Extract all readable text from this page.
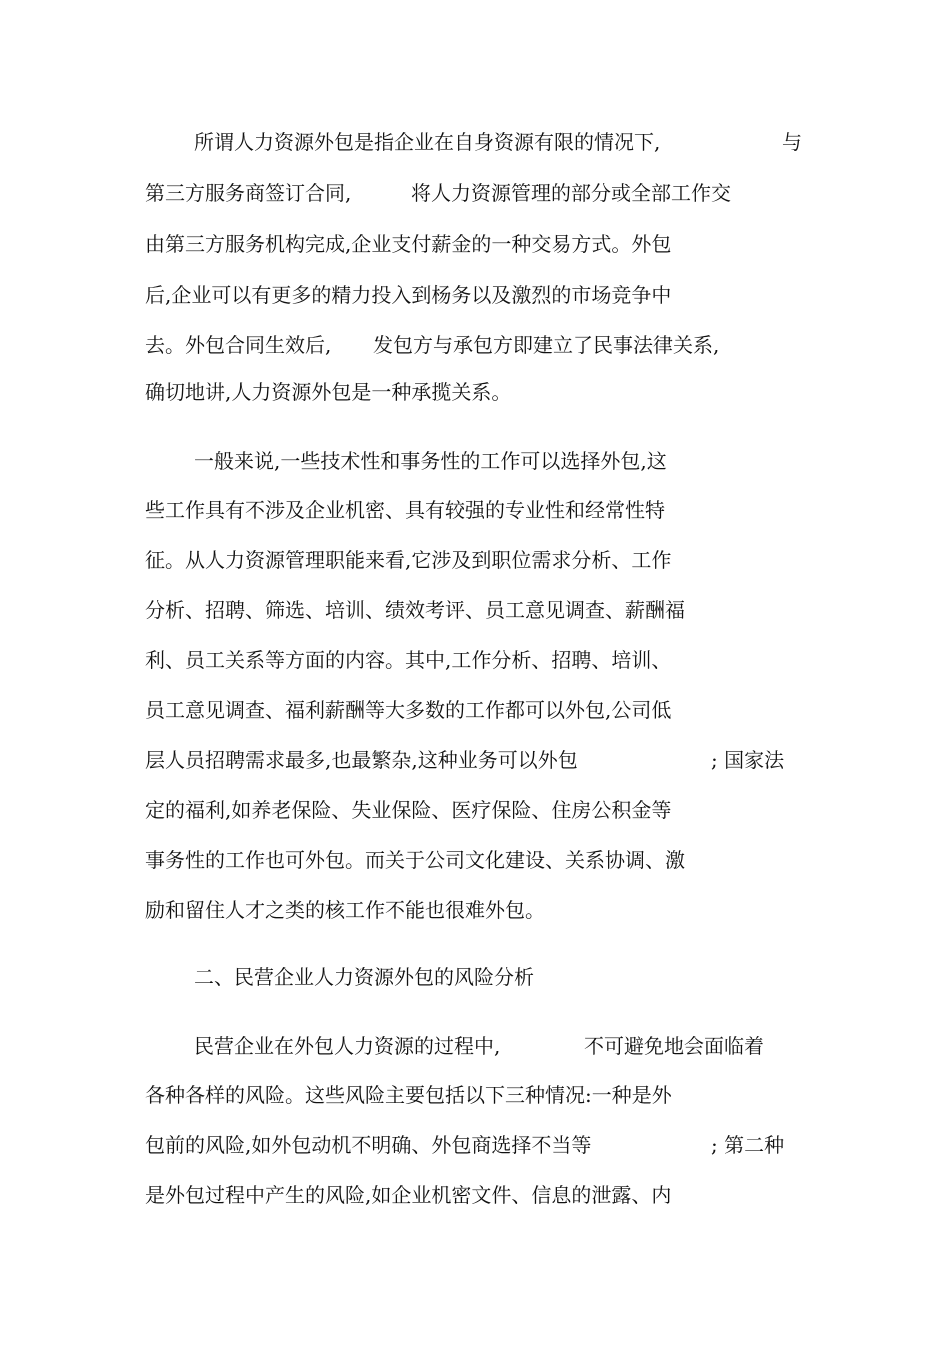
所谓人力资源外包是指企业在自身资源有限的情况下,	与
第三方服务商签订合同,	将人力资源管理的部分或全部工作交
由第三方服务机构完成,企业支付薪金的一种交易方式。外包
后,企业可以有更多的精力投入到杨务以及激烈的市场竞争中
去。外包合同生效后, 发包方与承包方即建立了民事法律关系,
确切地讲,人力资源外包是一种承揽关系。
一般来说,一些技术性和事务性的工作可以选择外包,这
些工作具有不涉及企业机密、具有较强的专业性和经常性特
征。从人力资源管理职能来看,它涉及到职位需求分析、工作
分析、招聘、筛选、培训、绩效考评、员工意见调查、薪酬福
利、员工关系等方面的内容。其中,工作分析、招聘、培训、
员工意见调查、福利薪酬等大多数的工作都可以外包,公司低
层人员招聘需求最多,也最繁杂,这种业务可以外包	; 国家法
定的福利,如养老保险、失业保险、医疗保险、住房公积金等
事务性的工作也可外包。而关于公司文化建设、关系协调、激
励和留住人才之类的核工作不能也很难外包。
二、民营企业人力资源外包的风险分析
民营企业在外包人力资源的过程中,	不可避免地会面临着
各种各样的风险。这些风险主要包括以下三种情况:一种是外
包前的风险,如外包动机不明确、外包商选择不当等	; 第二种
是外包过程中产生的风险,如企业机密文件、信息的泄露、内
